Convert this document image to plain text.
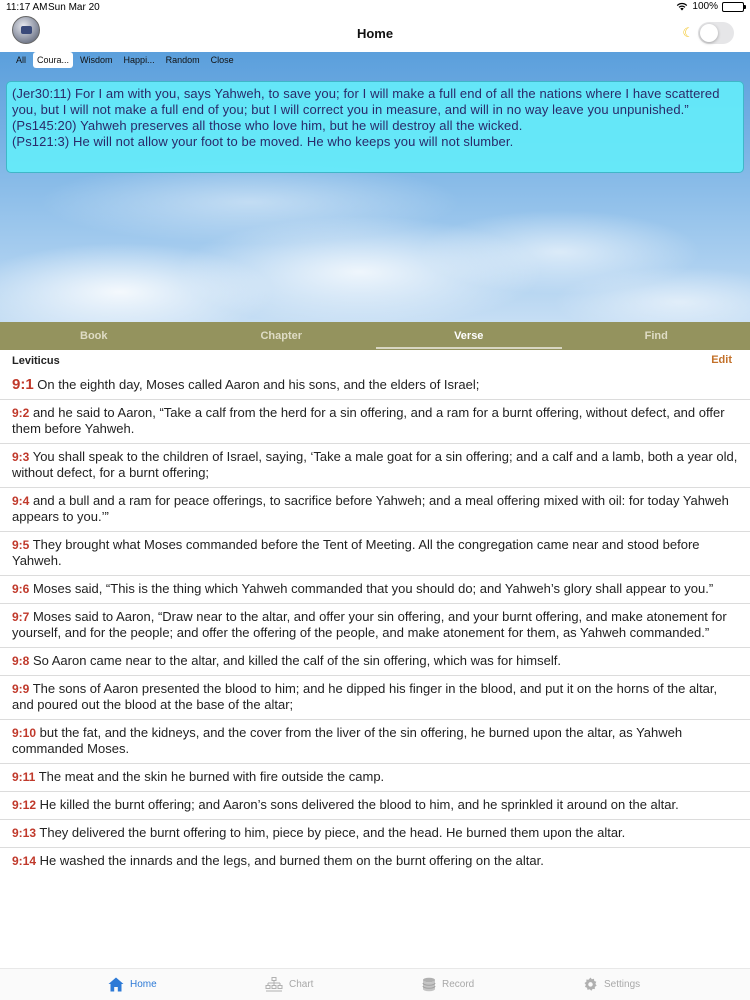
11:17 AM Sun Mar 20	100%
Home	☾
All	Coura...	Wisdom	Happi...	Random	Close

(Jer30:11) For I am with you, says Yahweh, to save you; for I will make a full end of all the nations where I have scattered you, but I will not make a full end of you; but I will correct you in measure, and will in no way leave you unpunished.”

(Ps145:20) Yahweh preserves all those who love him, but he will destroy all the wicked.

(Ps121:3) He will not allow your foot to be moved. He who keeps you will not slumber.

Book	Chapter	Verse	Find
Leviticus	Edit
9:1 On the eighth day, Moses called Aaron and his sons, and the elders of Israel;
9:2 and he said to Aaron, “Take a calf from the herd for a sin offering, and a ram for a burnt offering, without defect, and offer them before Yahweh.
9:3 You shall speak to the children of Israel, saying, ‘Take a male goat for a sin offering; and a calf and a lamb, both a year old, without defect, for a burnt offering;
9:4 and a bull and a ram for peace offerings, to sacrifice before Yahweh; and a meal offering mixed with oil: for today Yahweh appears to you.’”
9:5 They brought what Moses commanded before the Tent of Meeting. All the congregation came near and stood before Yahweh.
9:6 Moses said, “This is the thing which Yahweh commanded that you should do; and Yahweh’s glory shall appear to you.”
9:7 Moses said to Aaron, “Draw near to the altar, and offer your sin offering, and your burnt offering, and make atonement for yourself, and for the people; and offer the offering of the people, and make atonement for them, as Yahweh commanded.”
9:8 So Aaron came near to the altar, and killed the calf of the sin offering, which was for himself.
9:9 The sons of Aaron presented the blood to him; and he dipped his finger in the blood, and put it on the horns of the altar, and poured out the blood at the base of the altar;
9:10 but the fat, and the kidneys, and the cover from the liver of the sin offering, he burned upon the altar, as Yahweh commanded Moses.
9:11 The meat and the skin he burned with fire outside the camp.
9:12 He killed the burnt offering; and Aaron’s sons delivered the blood to him, and he sprinkled it around on the altar.
9:13 They delivered the burnt offering to him, piece by piece, and the head. He burned them upon the altar.
9:14 He washed the innards and the legs, and burned them on the burnt offering on the altar.
Home	Chart	Record	Settings
